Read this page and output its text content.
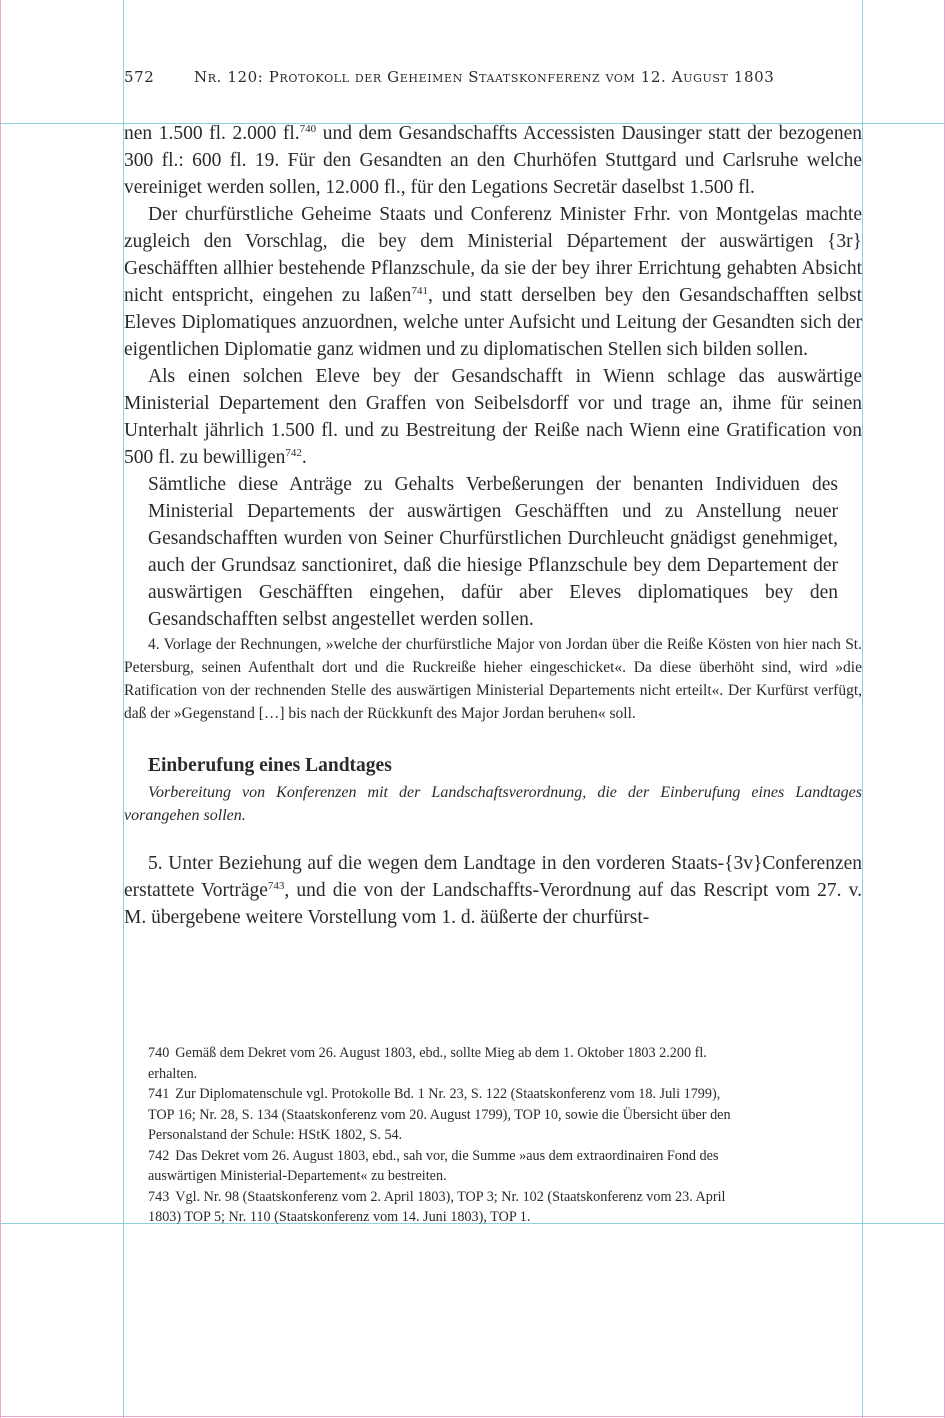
572	Nr. 120: Protokoll der Geheimen Staatskonferenz vom 12. August 1803

nen 1.500 fl. 2.000 fl.$^{740}$ und dem Gesandschaffts Accessisten Dausinger statt der bezogenen 300 fl.: 600 fl. 19. Für den Gesandten an den Churhöfen Stuttgard und Carlsruhe welche vereiniget werden sollen, 12.000 fl., für den Legations Secretär daselbst 1.500 fl.

Der churfürstliche Geheime Staats und Conferenz Minister Frhr. von Montgelas machte zugleich den Vorschlag, die bey dem Ministerial Département der auswärtigen {3r} Geschäfften allhier bestehende Pflanzschule, da sie der bey ihrer Errichtung gehabten Absicht nicht entspricht, eingehen zu laßen$^{741}$, und statt derselben bey den Gesandschafften selbst Eleves Diplomatiques anzuordnen, welche unter Aufsicht und Leitung der Gesandten sich der eigentlichen Diplomatie ganz widmen und zu diplomatischen Stellen sich bilden sollen.

Als einen solchen Eleve bey der Gesandschafft in Wienn schlage das auswärtige Ministerial Departement den Graffen von Seibelsdorff vor und trage an, ihme für seinen Unterhalt jährlich 1.500 fl. und zu Bestreitung der Reiße nach Wienn eine Gratification von 500 fl. zu bewilligen$^{742}$.

Sämtliche diese Anträge zu Gehalts Verbeßerungen der benanten Individuen des Ministerial Departements der auswärtigen Geschäfften und zu Anstellung neuer Gesandschafften wurden von Seiner Churfürstlichen Durchleucht gnädigst genehmiget, auch der Grundsaz sanctioniret, daß die hiesige Pflanzschule bey dem Departement der auswärtigen Geschäfften eingehen, dafür aber Eleves diplomatiques bey den Gesandschafften selbst angestellet werden sollen.

4. Vorlage der Rechnungen, »welche der churfürstliche Major von Jordan über die Reiße Kösten von hier nach St. Petersburg, seinen Aufenthalt dort und die Ruckreiße hieher eingeschicket«. Da diese überhöht sind, wird »die Ratification von der rechnenden Stelle des auswärtigen Ministerial Departements nicht erteilt«. Der Kurfürst verfügt, daß der »Gegenstand […] bis nach der Rückkunft des Major Jordan beruhen« soll.

Einberufung eines Landtages

Vorbereitung von Konferenzen mit der Landschaftsverordnung, die der Einberufung eines Landtages vorangehen sollen.

5. Unter Beziehung auf die wegen dem Landtage in den vorderen Staats-{3v}Conferenzen erstattete Vorträge$^{743}$, und die von der Landschaffts-Verordnung auf das Rescript vom 27. v. M. übergebene weitere Vorstellung vom 1. d. äüßerte der churfürst-

740 Gemäß dem Dekret vom 26. August 1803, ebd., sollte Mieg ab dem 1. Oktober 1803 2.200 fl. erhalten.
741 Zur Diplomatenschule vgl. Protokolle Bd. 1 Nr. 23, S. 122 (Staatskonferenz vom 18. Juli 1799), TOP 16; Nr. 28, S. 134 (Staatskonferenz vom 20. August 1799), TOP 10, sowie die Übersicht über den Personalstand der Schule: HStK 1802, S. 54.
742 Das Dekret vom 26. August 1803, ebd., sah vor, die Summe »aus dem extraordinairen Fond des auswärtigen Ministerial-Departement« zu bestreiten.
743 Vgl. Nr. 98 (Staatskonferenz vom 2. April 1803), TOP 3; Nr. 102 (Staatskonferenz vom 23. April 1803) TOP 5; Nr. 110 (Staatskonferenz vom 14. Juni 1803), TOP 1.
